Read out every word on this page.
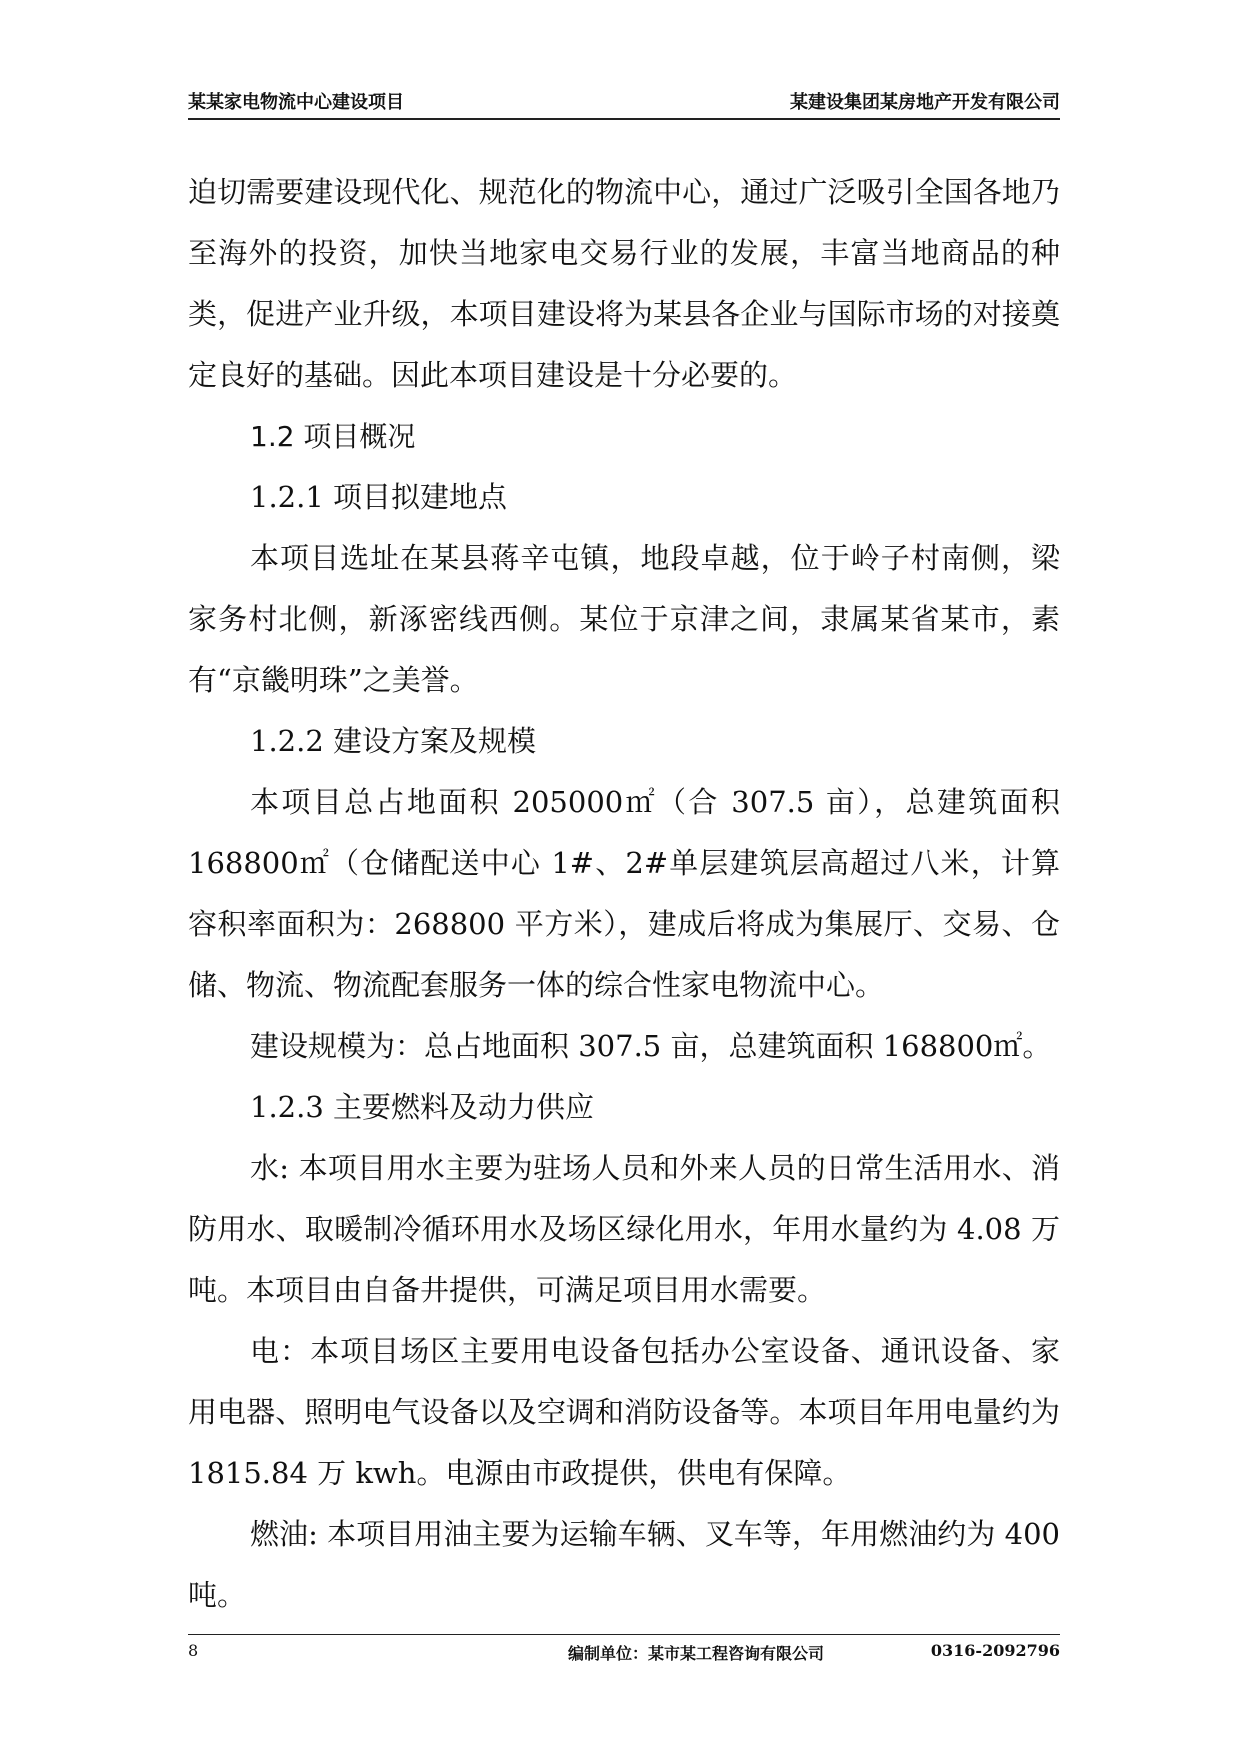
某某家电物流中心建设项目	某建设集团某房地产开发有限公司

迫切需要建设现代化、规范化的物流中心，通过广泛吸引全国各地乃至海外的投资，加快当地家电交易行业的发展，丰富当地商品的种类，促进产业升级，本项目建设将为某县各企业与国际市场的对接奠定良好的基础。因此本项目建设是十分必要的。

1.2 项目概况

1.2.1 项目拟建地点

本项目选址在某县蒋辛屯镇，地段卓越，位于岭子村南侧，梁家务村北侧，新涿密线西侧。某位于京津之间，隶属某省某市，素有“京畿明珠”之美誉。

1.2.2 建设方案及规模

本项目总占地面积 205000㎡（合 307.5 亩），总建筑面积 168800㎡（仓储配送中心 1#、2#单层建筑层高超过八米，计算容积率面积为：268800 平方米），建成后将成为集展厅、交易、仓储、物流、物流配套服务一体的综合性家电物流中心。

建设规模为：总占地面积 307.5 亩，总建筑面积 168800㎡。

1.2.3 主要燃料及动力供应

水: 本项目用水主要为驻场人员和外来人员的日常生活用水、消防用水、取暖制冷循环用水及场区绿化用水，年用水量约为 4.08 万吨。本项目由自备井提供，可满足项目用水需要。

电：本项目场区主要用电设备包括办公室设备、通讯设备、家用电器、照明电气设备以及空调和消防设备等。本项目年用电量约为 1815.84 万 kwh。电源由市政提供，供电有保障。

燃油: 本项目用油主要为运输车辆、叉车等，年用燃油约为 400 吨。

8	编制单位：某市某工程咨询有限公司	0316-2092796
